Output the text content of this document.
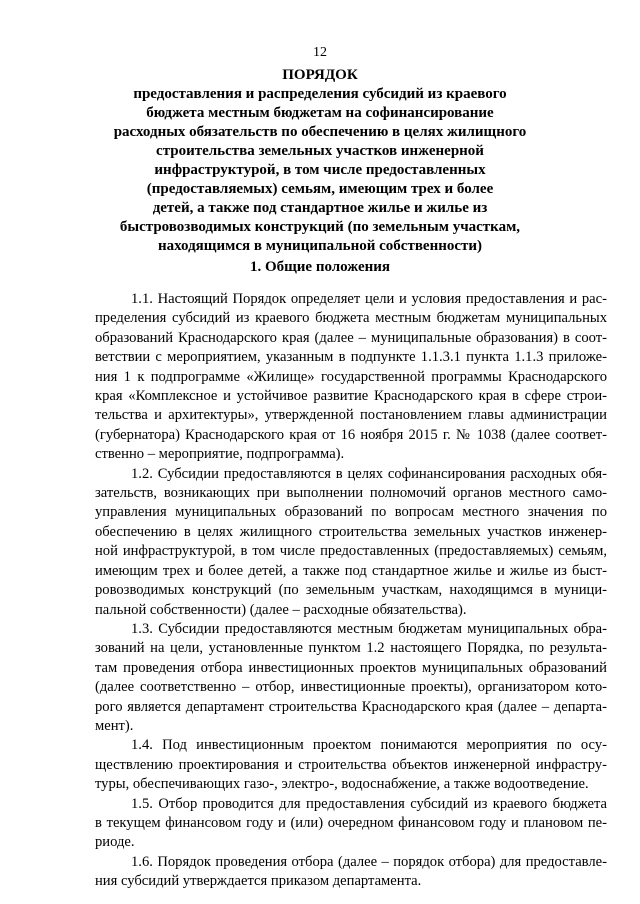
12
ПОРЯДОК
предоставления и распределения субсидий из краевого
бюджета местным бюджетам на софинансирование
расходных обязательств по обеспечению в целях жилищного
строительства земельных участков инженерной
инфраструктурой, в том числе предоставленных
(предоставляемых) семьям, имеющим трех и более
детей, а также под стандартное жилье и жилье из
быстровозводимых конструкций (по земельным участкам,
находящимся в муниципальной собственности)
1. Общие положения
1.1. Настоящий Порядок определяет цели и условия предоставления и рас-
пределения субсидий из краевого бюджета местным бюджетам муниципальных
образований Краснодарского края (далее – муниципальные образования) в соот-
ветствии с мероприятием, указанным в подпункте 1.1.3.1 пункта 1.1.3 приложе-
ния 1 к подпрограмме «Жилище» государственной программы Краснодарского
края «Комплексное и устойчивое развитие Краснодарского края в сфере строи-
тельства и архитектуры», утвержденной постановлением главы администрации
(губернатора) Краснодарского края от 16 ноября 2015 г. № 1038 (далее соответ-
ственно – мероприятие, подпрограмма).
1.2. Субсидии предоставляются в целях софинансирования расходных обя-
зательств, возникающих при выполнении полномочий органов местного само-
управления муниципальных образований по вопросам местного значения по
обеспечению в целях жилищного строительства земельных участков инженер-
ной инфраструктурой, в том числе предоставленных (предоставляемых) семьям,
имеющим трех и более детей, а также под стандартное жилье и жилье из быст-
ровозводимых конструкций (по земельным участкам, находящимся в муници-
пальной собственности) (далее – расходные обязательства).
1.3. Субсидии предоставляются местным бюджетам муниципальных обра-
зований на цели, установленные пунктом 1.2 настоящего Порядка, по результа-
там проведения отбора инвестиционных проектов муниципальных образований
(далее соответственно – отбор, инвестиционные проекты), организатором кото-
рого является департамент строительства Краснодарского края (далее – департа-
мент).
1.4. Под инвестиционным проектом понимаются мероприятия по осу-
ществлению проектирования и строительства объектов инженерной инфрастру-
туры, обеспечивающих газо-, электро-, водоснабжение, а также водоотведение.
1.5. Отбор проводится для предоставления субсидий из краевого бюджета
в текущем финансовом году и (или) очередном финансовом году и плановом пе-
риоде.
1.6. Порядок проведения отбора (далее – порядок отбора) для предоставле-
ния субсидий утверждается приказом департамента.
